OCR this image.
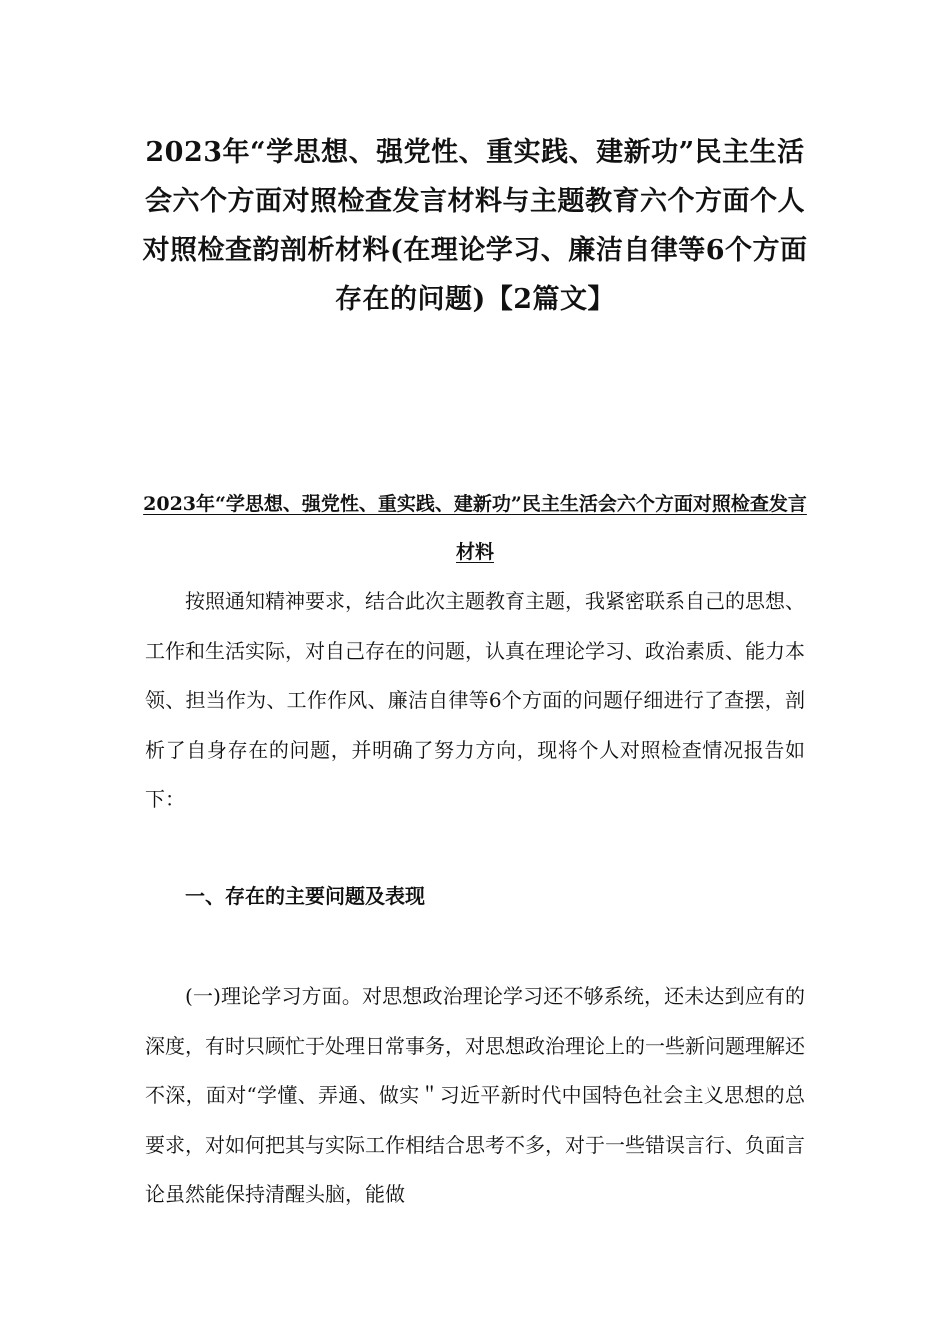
2023年“学思想、强党性、重实践、建新功”民主生活会六个方面对照检查发言材料与主题教育六个方面个人对照检查韵剖析材料(在理论学习、廉洁自律等6个方面存在的问题)【2篇文】
2023年“学思想、强党性、重实践、建新功”民主生活会六个方面对照检查发言材料

按照通知精神要求，结合此次主题教育主题，我紧密联系自己的思想、工作和生活实际，对自己存在的问题，认真在理论学习、政治素质、能力本领、担当作为、工作作风、廉洁自律等6个方面的问题仔细进行了查摆，剖析了自身存在的问题，并明确了努力方向，现将个人对照检查情况报告如下：

一、存在的主要问题及表现

(一)理论学习方面。对思想政治理论学习还不够系统，还未达到应有的深度，有时只顾忙于处理日常事务，对思想政治理论上的一些新问题理解还不深，面对“学懂、弄通、做实＂习近平新时代中国特色社会主义思想的总要求，对如何把其与实际工作相结合思考不多，对于一些错误言行、负面言论虽然能保持清醒头脑，能做
